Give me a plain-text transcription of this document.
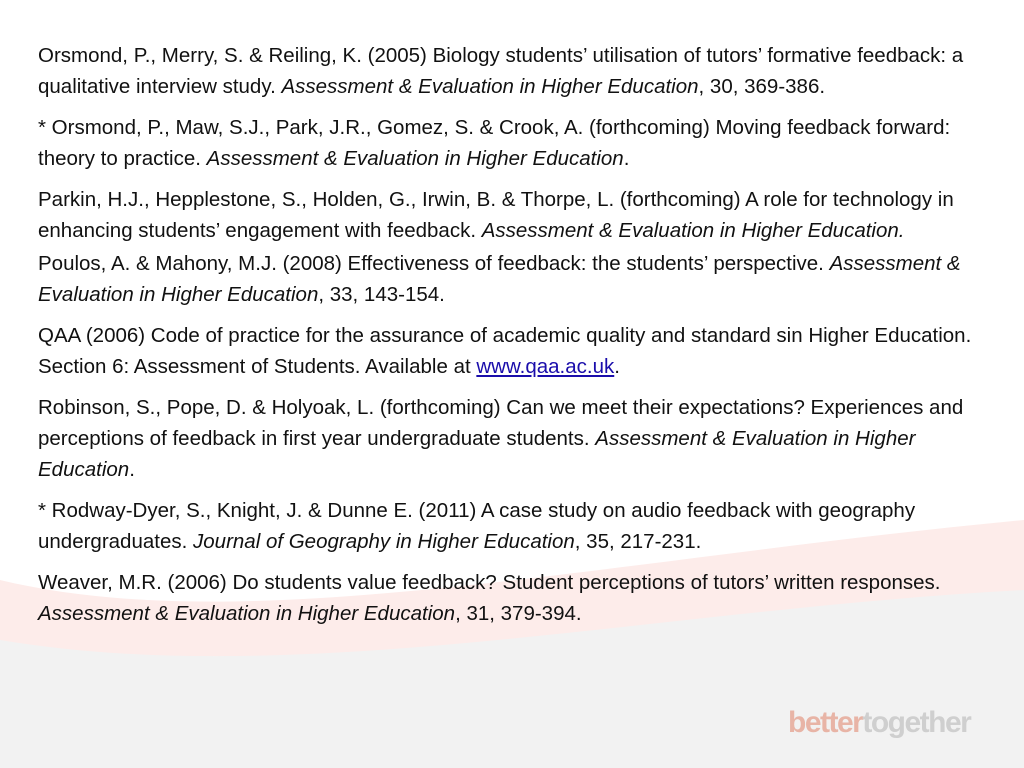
Orsmond, P., Merry, S. & Reiling, K. (2005) Biology students’ utilisation of tutors’ formative feedback: a qualitative interview study. Assessment & Evaluation in Higher Education, 30, 369-386.

* Orsmond, P., Maw, S.J., Park, J.R., Gomez, S. & Crook, A. (forthcoming) Moving feedback forward: theory to practice. Assessment & Evaluation in Higher Education.

Parkin, H.J., Hepplestone, S., Holden, G., Irwin, B. & Thorpe, L. (forthcoming) A role for technology in enhancing students’ engagement with feedback. Assessment & Evaluation in Higher Education.

Poulos, A. & Mahony, M.J. (2008) Effectiveness of feedback: the students’ perspective. Assessment & Evaluation in Higher Education, 33, 143-154.

QAA (2006) Code of practice for the assurance of academic quality and standard sin Higher Education. Section 6: Assessment of Students. Available at www.qaa.ac.uk.

Robinson, S., Pope, D. & Holyoak, L. (forthcoming) Can we meet their expectations? Experiences and perceptions of feedback in first year undergraduate students. Assessment & Evaluation in Higher Education.

* Rodway-Dyer, S., Knight, J. & Dunne E. (2011) A case study on audio feedback with geography undergraduates. Journal of Geography in Higher Education, 35, 217-231.

Weaver, M.R. (2006) Do students value feedback? Student perceptions of tutors’ written responses. Assessment & Evaluation in Higher Education, 31, 379-394.

bettertogether
